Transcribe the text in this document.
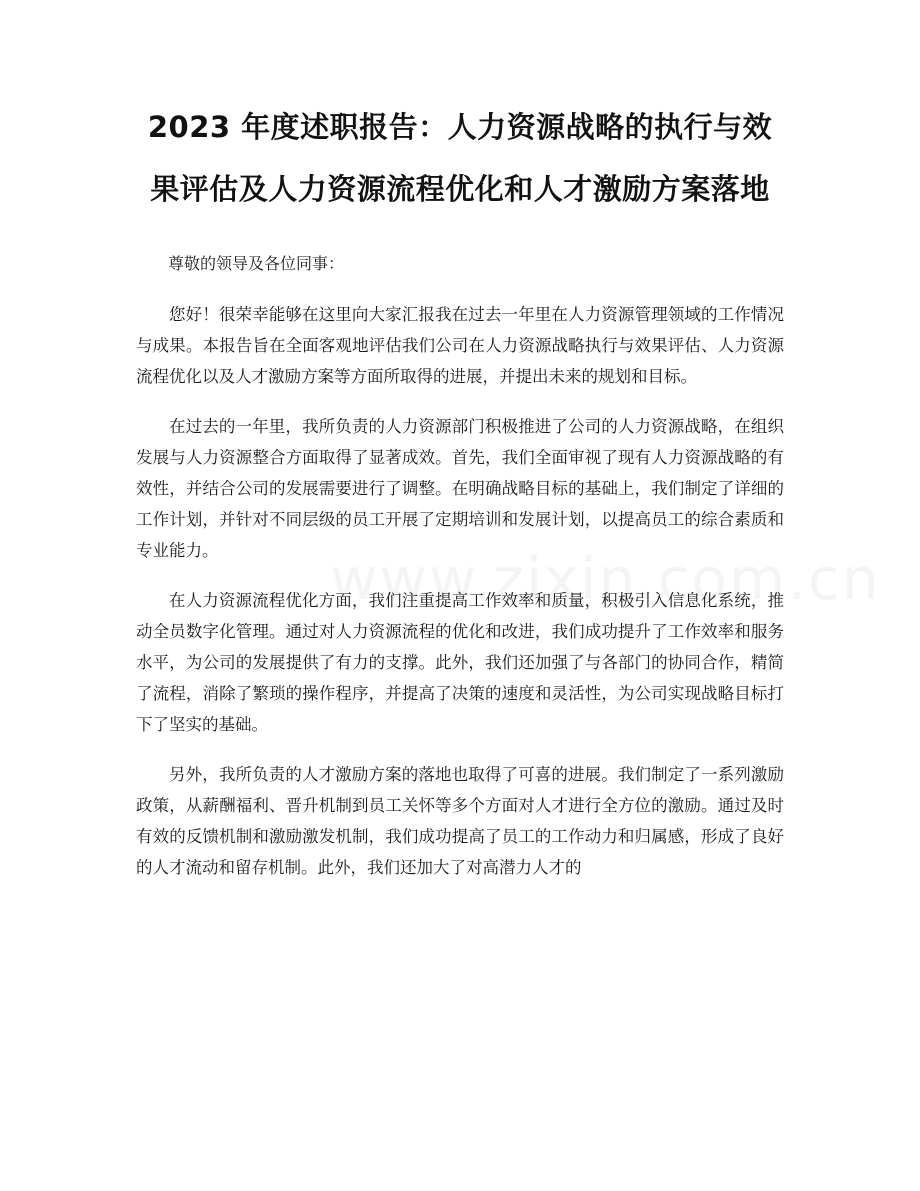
2023 年度述职报告：人力资源战略的执行与效果评估及人力资源流程优化和人才激励方案落地

尊敬的领导及各位同事：

您好！很荣幸能够在这里向大家汇报我在过去一年里在人力资源管理领域的工作情况与成果。本报告旨在全面客观地评估我们公司在人力资源战略执行与效果评估、人力资源流程优化以及人才激励方案等方面所取得的进展，并提出未来的规划和目标。

在过去的一年里，我所负责的人力资源部门积极推进了公司的人力资源战略，在组织发展与人力资源整合方面取得了显著成效。首先，我们全面审视了现有人力资源战略的有效性，并结合公司的发展需要进行了调整。在明确战略目标的基础上，我们制定了详细的工作计划，并针对不同层级的员工开展了定期培训和发展计划，以提高员工的综合素质和专业能力。

在人力资源流程优化方面，我们注重提高工作效率和质量，积极引入信息化系统，推动全员数字化管理。通过对人力资源流程的优化和改进，我们成功提升了工作效率和服务水平，为公司的发展提供了有力的支撑。此外，我们还加强了与各部门的协同合作，精简了流程，消除了繁琐的操作程序，并提高了决策的速度和灵活性，为公司实现战略目标打下了坚实的基础。

另外，我所负责的人才激励方案的落地也取得了可喜的进展。我们制定了一系列激励政策，从薪酬福利、晋升机制到员工关怀等多个方面对人才进行全方位的激励。通过及时有效的反馈机制和激励激发机制，我们成功提高了员工的工作动力和归属感，形成了良好的人才流动和留存机制。此外，我们还加大了对高潜力人才的
